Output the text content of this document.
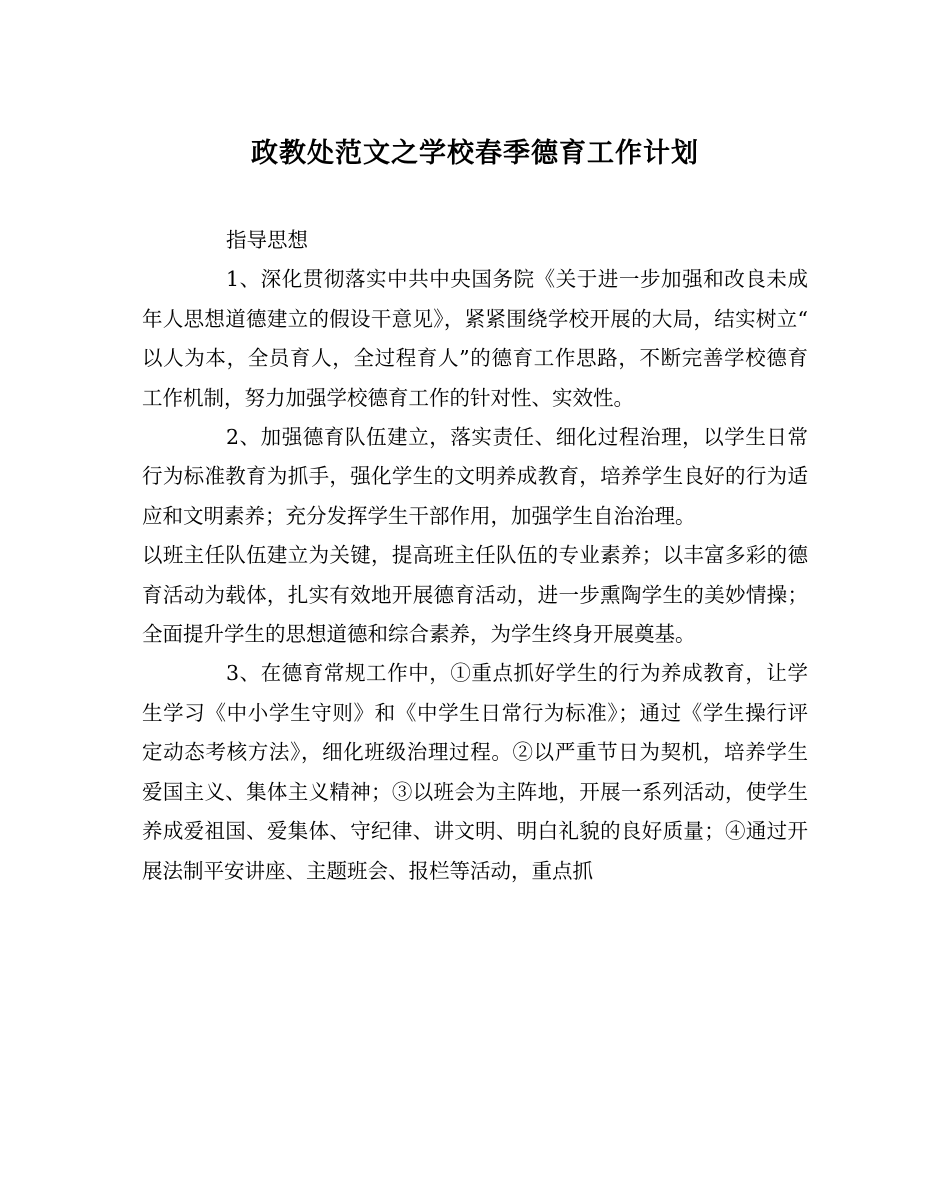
政教处范文之学校春季德育工作计划

指导思想

1、深化贯彻落实中共中央国务院《关于进一步加强和改良未成年人思想道德建立的假设干意见》，紧紧围绕学校开展的大局，结实树立“ 以人为本，全员育人，全过程育人”的德育工作思路，不断完善学校德育工作机制，努力加强学校德育工作的针对性、实效性。

2、加强德育队伍建立，落实责任、细化过程治理，以学生日常行为标准教育为抓手，强化学生的文明养成教育，培养学生良好的行为适应和文明素养；充分发挥学生干部作用，加强学生自治治理。

以班主任队伍建立为关键，提高班主任队伍的专业素养；以丰富多彩的德育活动为载体，扎实有效地开展德育活动，进一步熏陶学生的美妙情操；全面提升学生的思想道德和综合素养，为学生终身开展奠基。

3、在德育常规工作中，①重点抓好学生的行为养成教育，让学生学习《中小学生守则》和《中学生日常行为标准》；通过《学生操行评定动态考核方法》，细化班级治理过程。②以严重节日为契机，培养学生爱国主义、集体主义精神；③以班会为主阵地，开展一系列活动，使学生养成爱祖国、爱集体、守纪律、讲文明、明白礼貌的良好质量；④通过开展法制平安讲座、主题班会、报栏等活动，重点抓
